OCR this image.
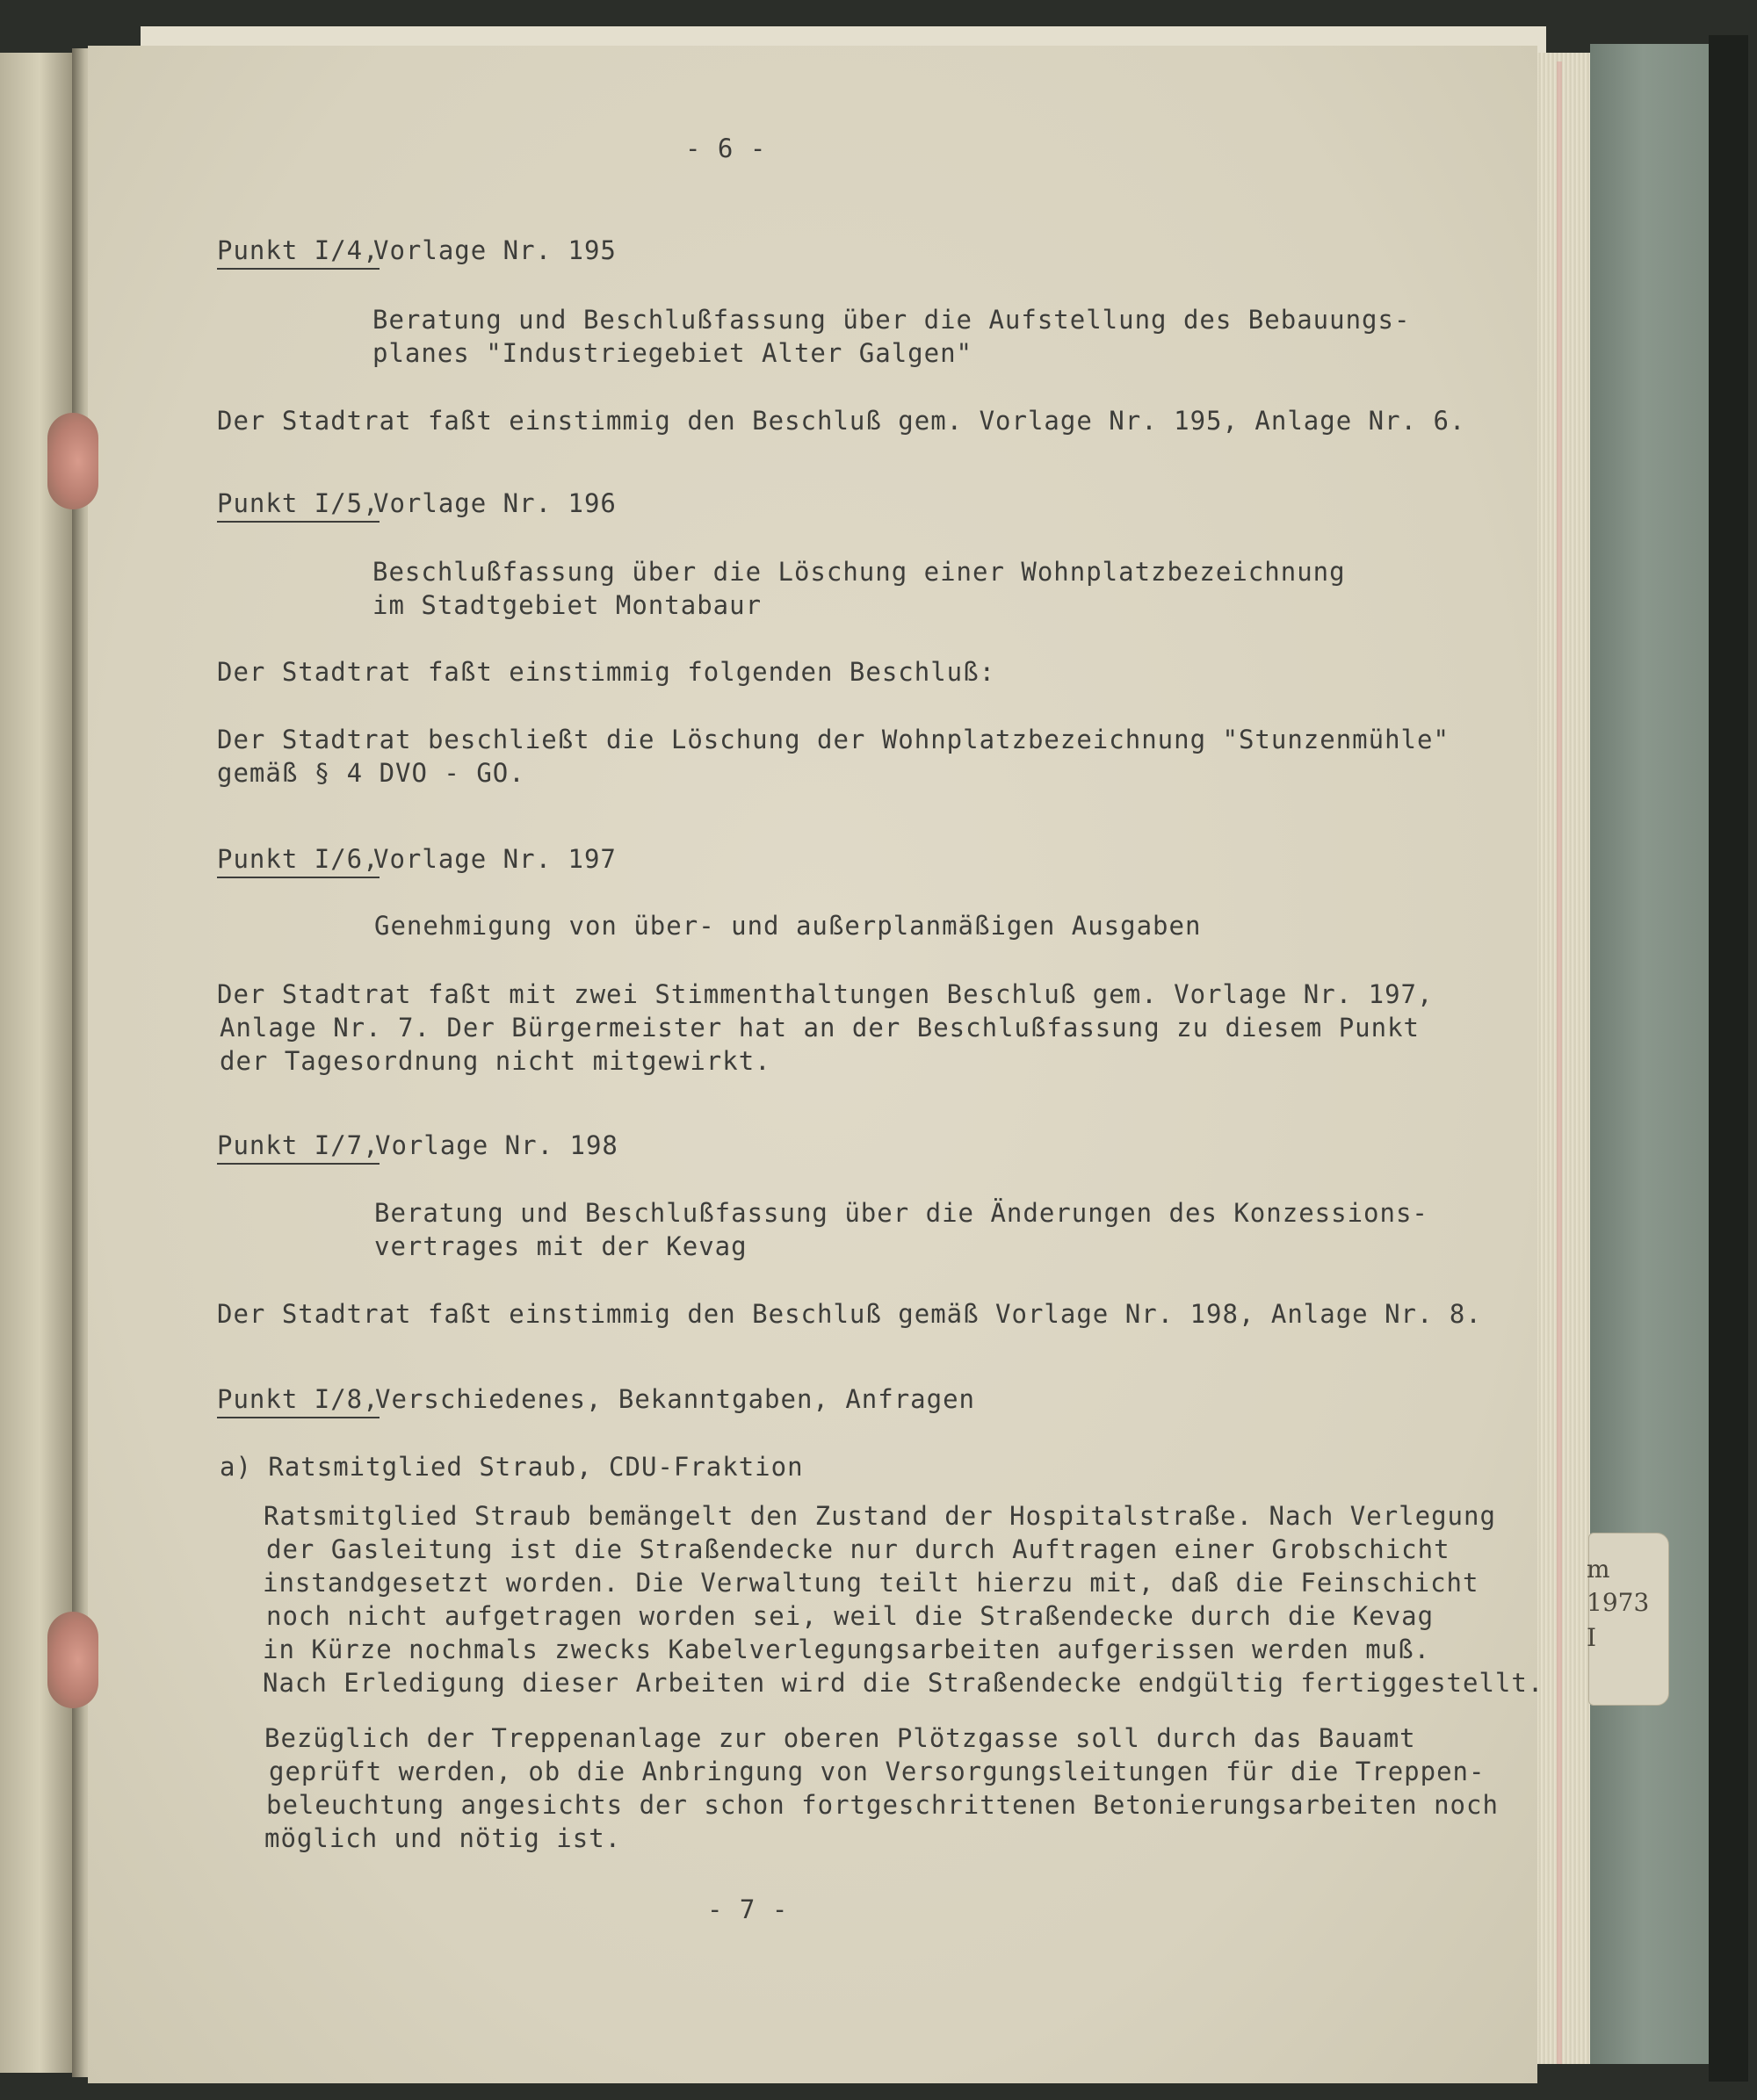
m
1973
I
- 6 -
Punkt I/4,
Vorlage Nr. 195
Beratung und Beschlußfassung über die Aufstellung des Bebauungs-
planes "Industriegebiet Alter Galgen"
Der Stadtrat faßt einstimmig den Beschluß gem. Vorlage Nr. 195, Anlage Nr. 6.
Punkt I/5,
Vorlage Nr. 196
Beschlußfassung über die Löschung einer Wohnplatzbezeichnung
im Stadtgebiet Montabaur
Der Stadtrat faßt einstimmig folgenden Beschluß:
Der Stadtrat beschließt die Löschung der Wohnplatzbezeichnung "Stunzenmühle"
gemäß § 4 DVO - GO.
Punkt I/6,
Vorlage Nr. 197
Genehmigung von über- und außerplanmäßigen Ausgaben
Der Stadtrat faßt mit zwei Stimmenthaltungen Beschluß gem. Vorlage Nr. 197,
Anlage Nr. 7. Der Bürgermeister hat an der Beschlußfassung zu diesem Punkt
der Tagesordnung nicht mitgewirkt.
Punkt I/7,
Vorlage Nr. 198
Beratung und Beschlußfassung über die Änderungen des Konzessions-
vertrages mit der Kevag
Der Stadtrat faßt einstimmig den Beschluß gemäß Vorlage Nr. 198, Anlage Nr. 8.
Punkt I/8,
Verschiedenes, Bekanntgaben, Anfragen
a) Ratsmitglied Straub, CDU-Fraktion
Ratsmitglied Straub bemängelt den Zustand der Hospitalstraße. Nach Verlegung
der Gasleitung ist die Straßendecke nur durch Auftragen einer Grobschicht
instandgesetzt worden. Die Verwaltung teilt hierzu mit, daß die Feinschicht
noch nicht aufgetragen worden sei, weil die Straßendecke durch die Kevag
in Kürze nochmals zwecks Kabelverlegungsarbeiten aufgerissen werden muß.
Nach Erledigung dieser Arbeiten wird die Straßendecke endgültig fertiggestellt.
Bezüglich der Treppenanlage zur oberen Plötzgasse soll durch das Bauamt
geprüft werden, ob die Anbringung von Versorgungsleitungen für die Treppen-
beleuchtung angesichts der schon fortgeschrittenen Betonierungsarbeiten noch
möglich und nötig ist.
- 7 -
